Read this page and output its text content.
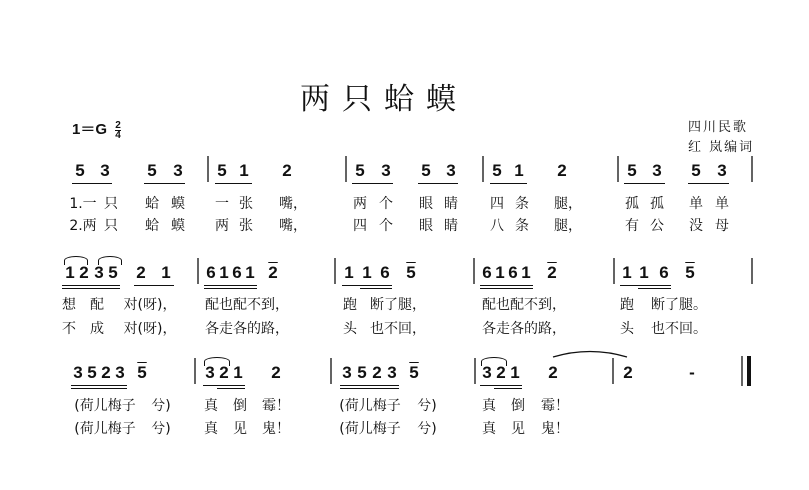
两只蛤蟆
$1=G \frac{2}{4}$	四川民歌
红 岚编词
5 3 5 3 5 1 2	5 3 5 3 5 1 2	5 3 5 3
1.一 只 蛤 蟆 一 张 嘴，	两 个 眼 睛 四 条 腿，	孤 孤 单 单
2.两 只 蛤 蟆 两 张 嘴，	四 个 眼 睛 八 条 腿，	有 公 没 母
1 2 3 5 2 1 6 1 6 1 2	1 1 6 5	6 1 6 1 2	1 1 6 5
想 配 对(呀)， 配也配不到，	跑 断了腿，	配也配不到，	跑 断了腿。
不 成 对(呀)， 各走各的路，	头 也不回，	各走各的路，	头 也不回。
3 5 2 3 5	3 2 1 2	3 5 2 3 5	3 2 1 2	2	-
(荷儿梅子 兮) 真 倒 霉！	(荷儿梅子 兮)	真 倒 霉！
(荷儿梅子 兮) 真 见 鬼！	(荷儿梅子 兮)	真 见 鬼！
